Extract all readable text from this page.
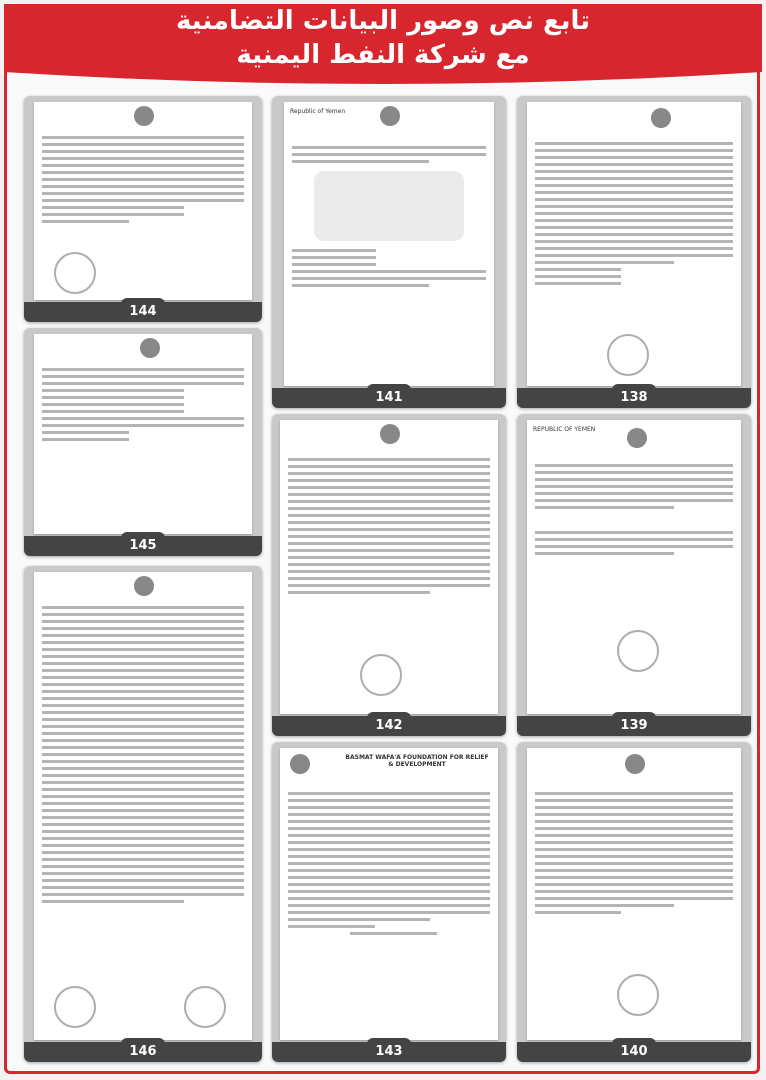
تابع نص وصور البيانات التضامنية
مع شركة النفط اليمنية
138
Republic of Yemen
141
144
REPUBLIC OF YEMEN
139
142
145
146	140
BASMAT WAFA'A FOUNDATION FOR RELIEF & DEVELOPMENT
143
